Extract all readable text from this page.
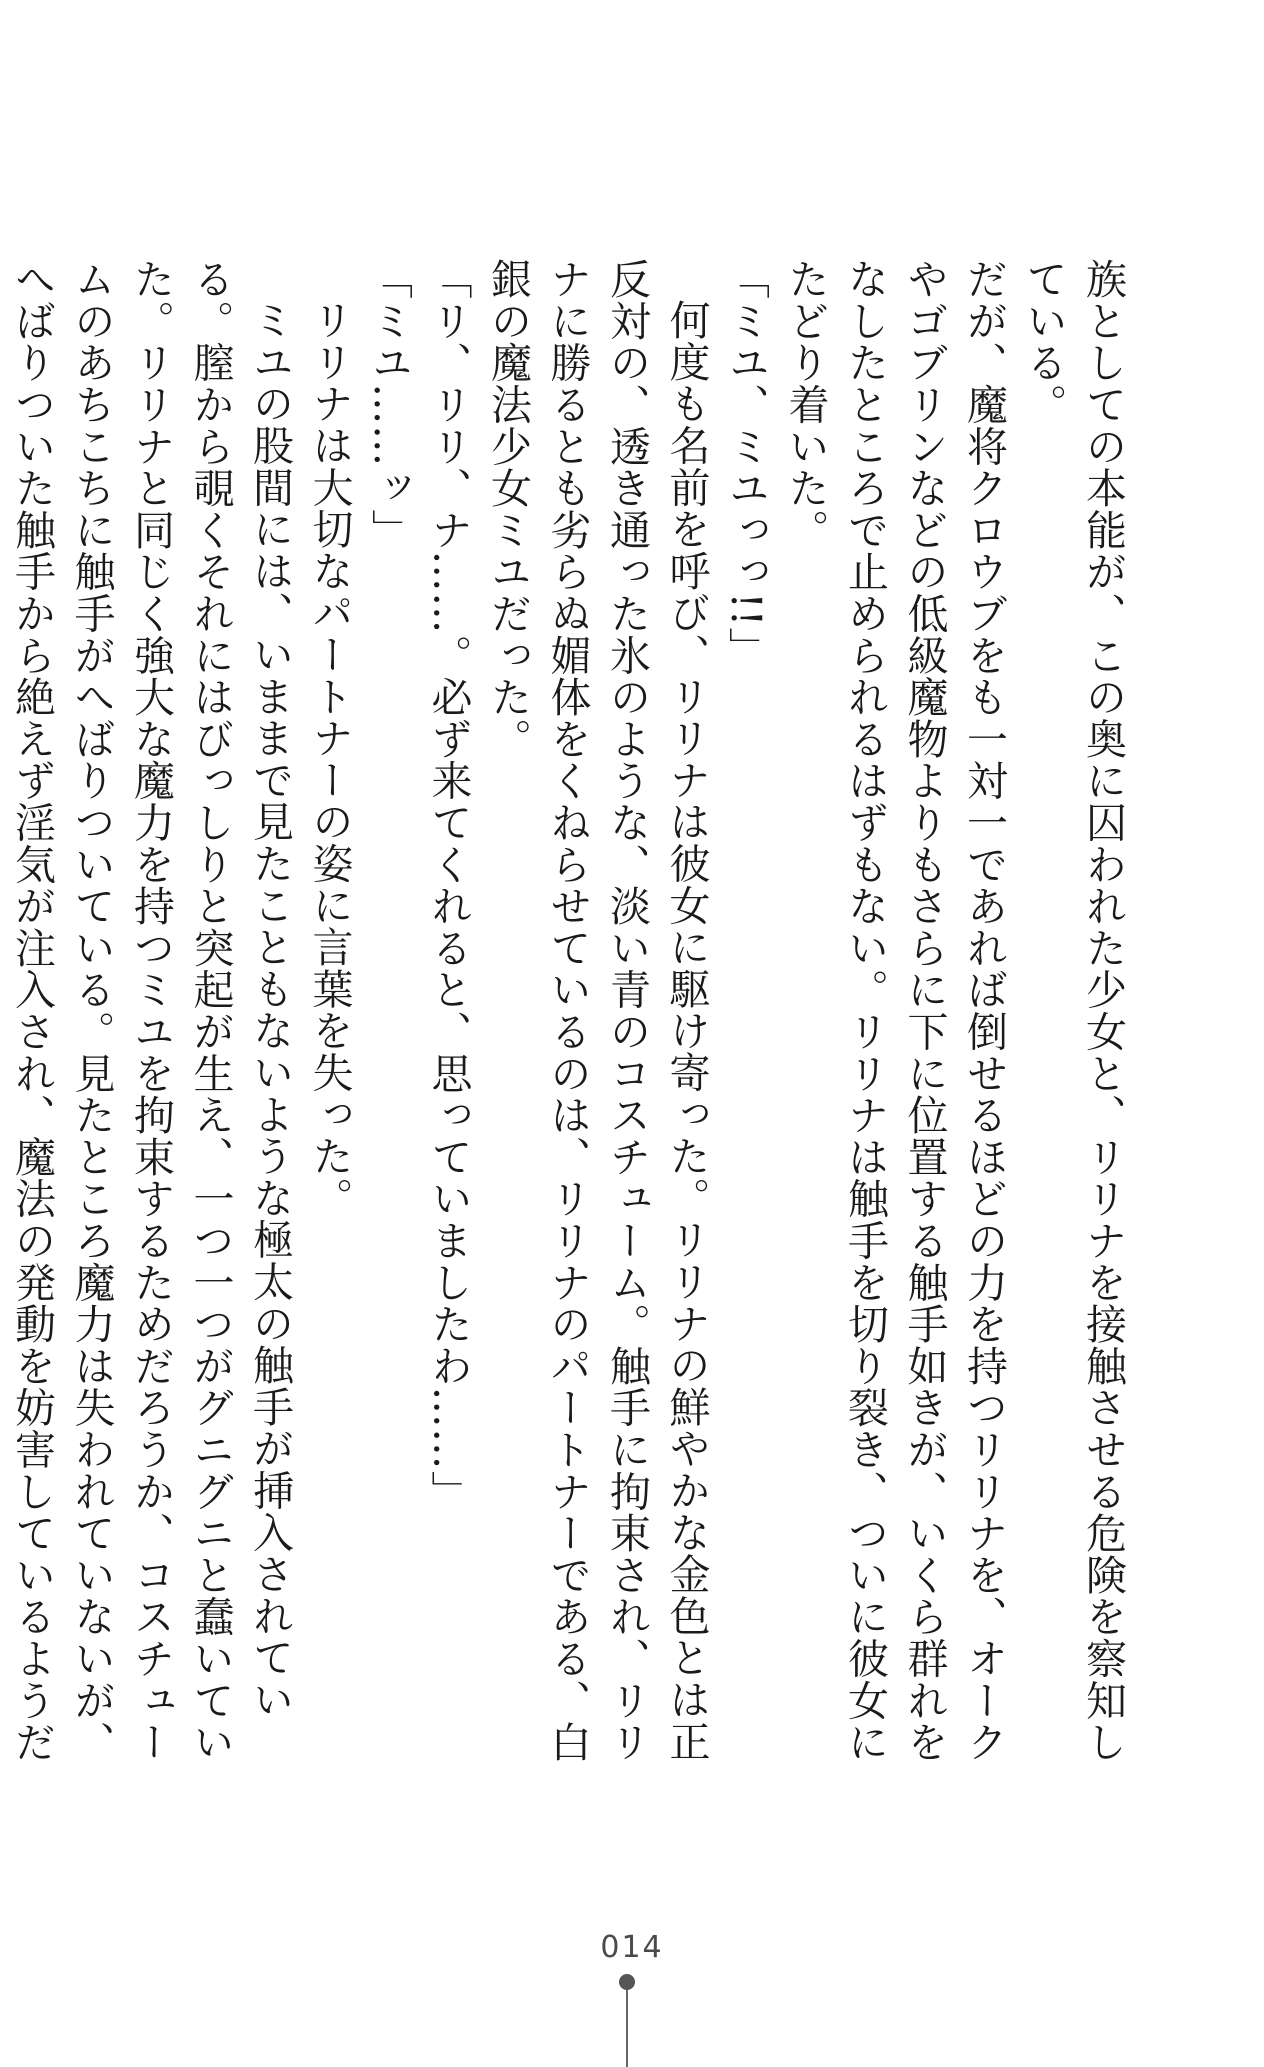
族としての本能が、この奥に囚われた少女と、リリナを接触させる危険を察知している。

だが、魔将クロウブをも一対一であれば倒せるほどの力を持つリリナを、オークやゴブリンなどの低級魔物よりもさらに下に位置する触手如きが、いくら群れをなしたところで止められるはずもない。リリナは触手を切り裂き、ついに彼女にたどり着いた。

「ミユ、ミユっっ!!」

何度も名前を呼び、リリナは彼女に駆け寄った。リリナの鮮やかな金色とは正反対の、透き通った氷のような、淡い青のコスチューム。触手に拘束され、リリナに勝るとも劣らぬ媚体をくねらせているのは、リリナのパートナーである、白銀の魔法少女ミユだった。

「リ、リリ、ナ……。必ず来てくれると、思っていましたわ……」

「ミユ……ッ」

リリナは大切なパートナーの姿に言葉を失った。

ミユの股間には、いままで見たこともないような極太の触手が挿入されている。膣から覗くそれにはびっしりと突起が生え、一つ一つがグニグニと蠢いていた。リリナと同じく強大な魔力を持つミユを拘束するためだろうか、コスチュームのあちこちに触手がへばりついている。見たところ魔力は失われていないが、へばりついた触手から絶えず淫気が注入され、魔法の発動を妨害しているようだ

014
